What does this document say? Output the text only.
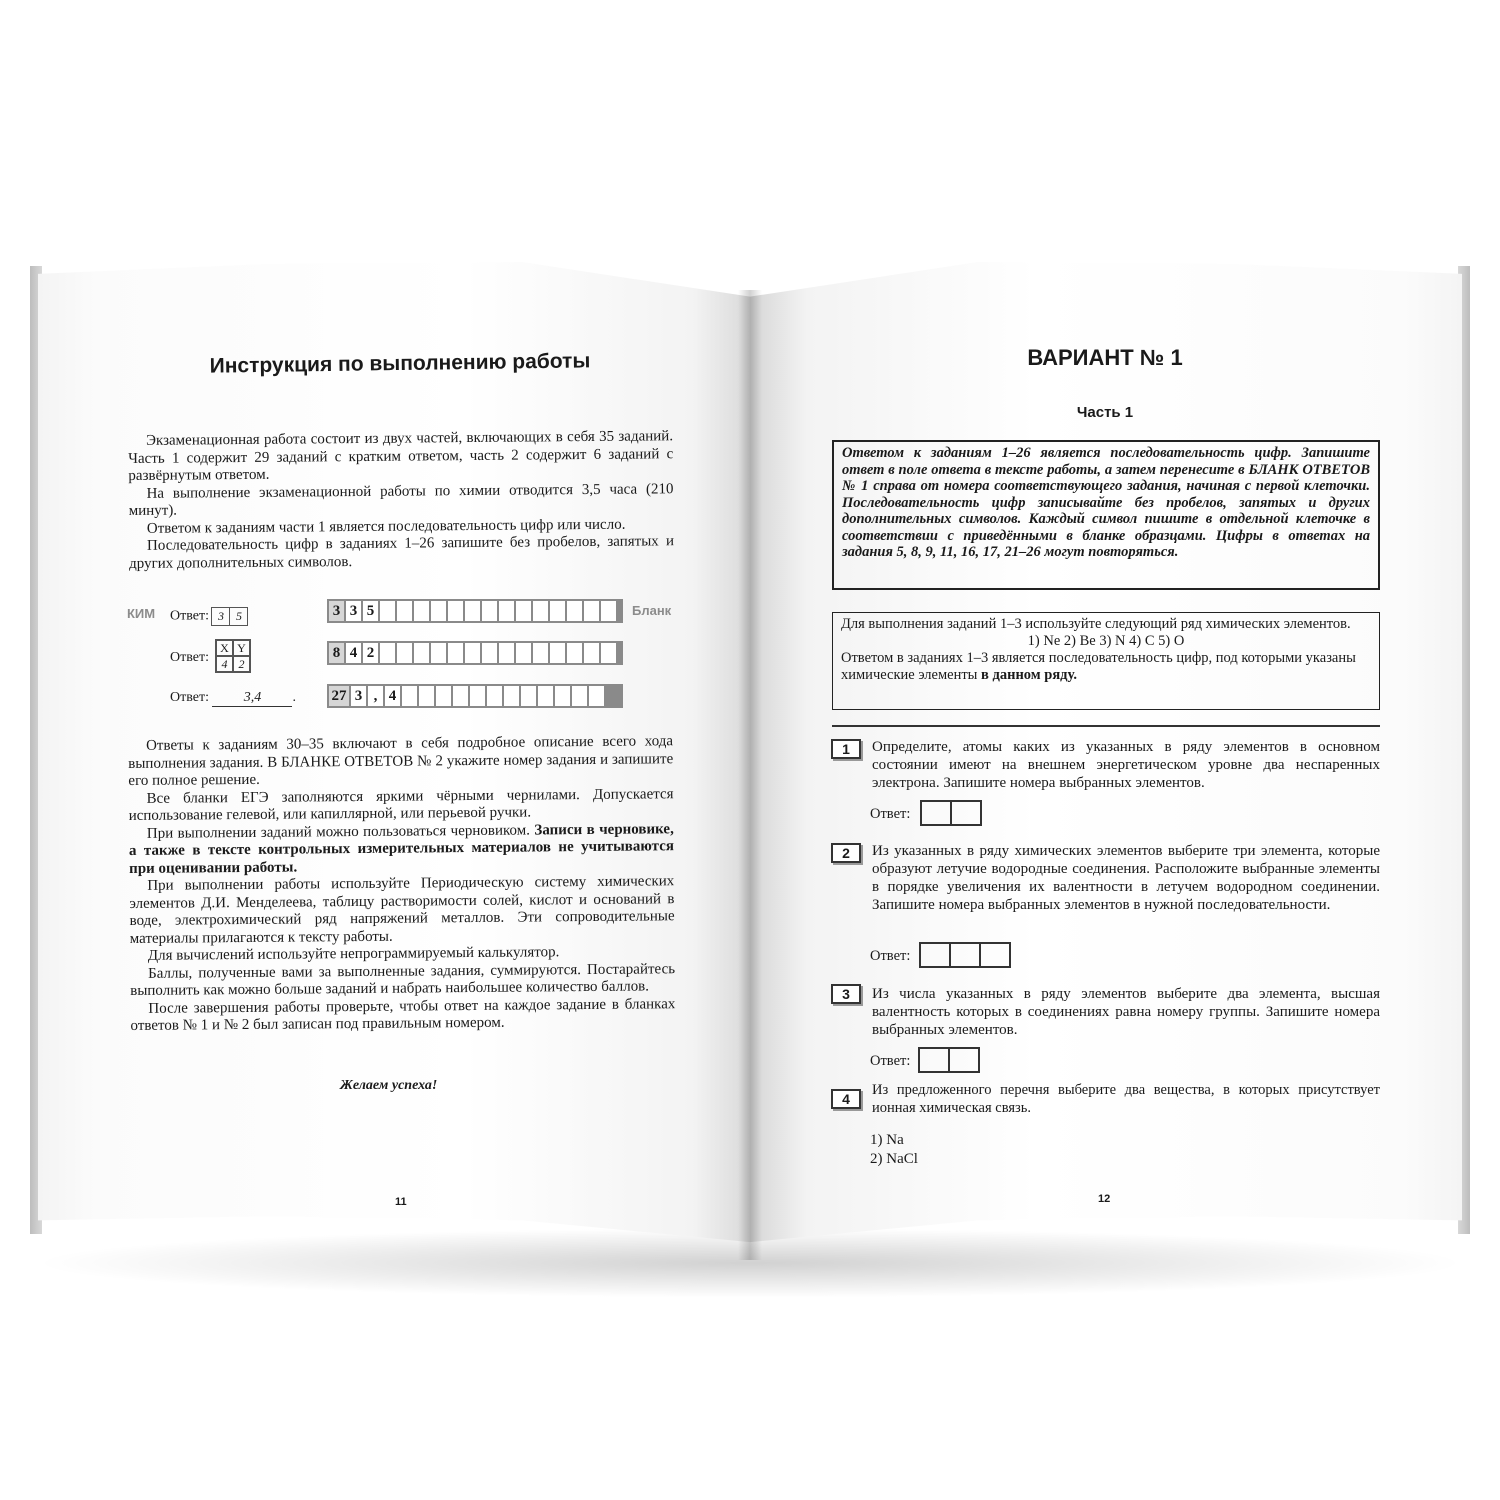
Инструкция по выполнению работы

Экзаменационная работа состоит из двух частей, включающих в себя 35 заданий. Часть 1 содержит 29 заданий с кратким ответом, часть 2 содержит 6 заданий с развёрнутым ответом.

На выполнение экзаменационной работы по химии отводится 3,5 часа (210 минут).

Ответом к заданиям части 1 является последовательность цифр или число.

Последовательность цифр в заданиях 1–26 запишите без пробелов, запятых и других дополнительных символов.

КИМ	Бланк
Ответ: 3 5
Ответ:
X Y
4 2
Ответ: 3,4 .
3 3 5
8 4 2
27 3 , 4

Ответы к заданиям 30–35 включают в себя подробное описание всего хода выполнения задания. В БЛАНКЕ ОТВЕТОВ № 2 укажите номер задания и запишите его полное решение.

Все бланки ЕГЭ заполняются яркими чёрными чернилами. Допускается использование гелевой, или капиллярной, или перьевой ручки.

При выполнении заданий можно пользоваться черновиком. Записи в черновике, а также в тексте контрольных измерительных материалов не учитываются при оценивании работы.

При выполнении работы используйте Периодическую систему химических элементов Д.И. Менделеева, таблицу растворимости солей, кислот и оснований в воде, электрохимический ряд напряжений металлов. Эти сопроводительные материалы прилагаются к тексту работы.

Для вычислений используйте непрограммируемый калькулятор.

Баллы, полученные вами за выполненные задания, суммируются. Постарайтесь выполнить как можно больше заданий и набрать наибольшее количество баллов.

После завершения работы проверьте, чтобы ответ на каждое задание в бланках ответов № 1 и № 2 был записан под правильным номером.

Желаем успеха!
11
ВАРИАНТ № 1
Часть 1
Ответом к заданиям 1–26 является последовательность цифр. Запишите ответ в поле ответа в тексте работы, а затем перенесите в БЛАНК ОТВЕТОВ № 1 справа от номера соответствующего задания, начиная с первой клеточки. Последовательность цифр записывайте без пробелов, запятых и других дополнительных символов. Каждый символ пишите в отдельной клеточке в соответствии с приведёнными в бланке образцами. Цифры в ответах на задания 5, 8, 9, 11, 16, 17, 21–26 могут повторяться.
Для выполнения заданий 1–3 используйте следующий ряд химических элементов.
1) Ne 2) Be 3) N 4) C 5) O
Ответом в заданиях 1–3 является последовательность цифр, под которыми указаны химические элементы в данном ряду.
1	Определите, атомы каких из указанных в ряду элементов в основном состоянии имеют на внешнем энергетическом уровне два неспаренных электрона. Запишите номера выбранных элементов.
Ответ:
2	Из указанных в ряду химических элементов выберите три элемента, которые образуют летучие водородные соединения. Расположите выбранные элементы в порядке увеличения их валентности в летучем водородном соединении. Запишите номера выбранных элементов в нужной последовательности.
Ответ:
3	Из числа указанных в ряду элементов выберите два элемента, высшая валентность которых в соединениях равна номеру группы. Запишите номера выбранных элементов.
Ответ:
4
Из предложенного перечня выберите два вещества, в которых присутствует ионная химическая связь.
1) Na
2) NaCl
12
